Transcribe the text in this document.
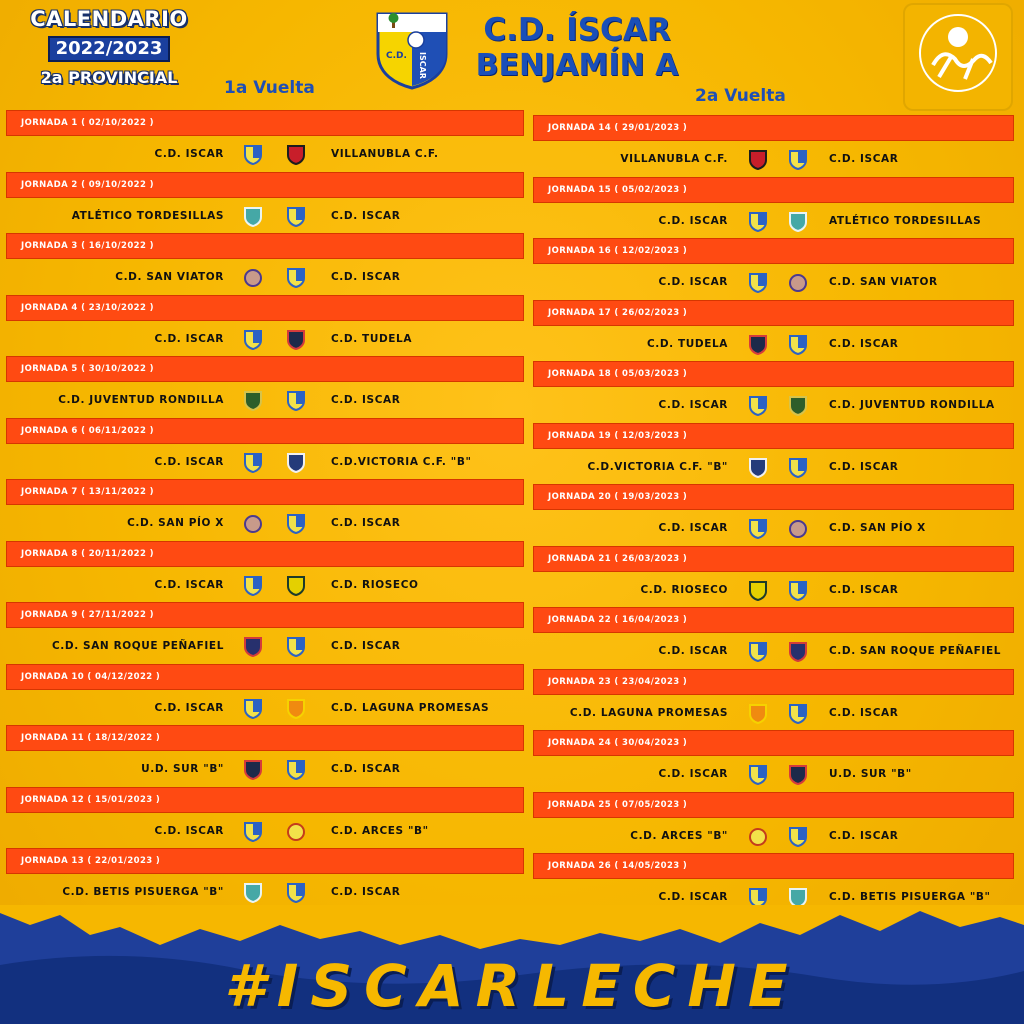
CALENDARIO
2022/2023
2a PROVINCIAL
C.D. ISCAR
C.D. ÍSCAR
BENJAMÍN A
1a Vuelta	2a Vuelta
JORNADA 1 ( 02/10/2022 )
C.D. ISCAR	VILLANUBLA C.F.
JORNADA 2 ( 09/10/2022 )
ATLÉTICO TORDESILLAS	C.D. ISCAR
JORNADA 3 ( 16/10/2022 )
C.D. SAN VIATOR	C.D. ISCAR
JORNADA 4 ( 23/10/2022 )
C.D. ISCAR	C.D. TUDELA
JORNADA 5 ( 30/10/2022 )
C.D. JUVENTUD RONDILLA	C.D. ISCAR
JORNADA 6 ( 06/11/2022 )
C.D. ISCAR	C.D.VICTORIA C.F. "B"
JORNADA 7 ( 13/11/2022 )
C.D. SAN PÍO X	C.D. ISCAR
JORNADA 8 ( 20/11/2022 )
C.D. ISCAR	C.D. RIOSECO
JORNADA 9 ( 27/11/2022 )
C.D. SAN ROQUE PEÑAFIEL	C.D. ISCAR
JORNADA 10 ( 04/12/2022 )
C.D. ISCAR	C.D. LAGUNA PROMESAS
JORNADA 11 ( 18/12/2022 )
U.D. SUR "B"	C.D. ISCAR
JORNADA 12 ( 15/01/2023 )
C.D. ISCAR	C.D. ARCES "B"
JORNADA 13 ( 22/01/2023 )
C.D. BETIS PISUERGA "B"	C.D. ISCAR
JORNADA 14 ( 29/01/2023 )
VILLANUBLA C.F.	C.D. ISCAR
JORNADA 15 ( 05/02/2023 )
C.D. ISCAR	ATLÉTICO TORDESILLAS
JORNADA 16 ( 12/02/2023 )
C.D. ISCAR	C.D. SAN VIATOR
JORNADA 17 ( 26/02/2023 )
C.D. TUDELA	C.D. ISCAR
JORNADA 18 ( 05/03/2023 )
C.D. ISCAR	C.D. JUVENTUD RONDILLA
JORNADA 19 ( 12/03/2023 )
C.D.VICTORIA C.F. "B"	C.D. ISCAR
JORNADA 20 ( 19/03/2023 )
C.D. ISCAR	C.D. SAN PÍO X
JORNADA 21 ( 26/03/2023 )
C.D. RIOSECO	C.D. ISCAR
JORNADA 22 ( 16/04/2023 )
C.D. ISCAR	C.D. SAN ROQUE PEÑAFIEL
JORNADA 23 ( 23/04/2023 )
C.D. LAGUNA PROMESAS	C.D. ISCAR
JORNADA 24 ( 30/04/2023 )
C.D. ISCAR	U.D. SUR "B"
JORNADA 25 ( 07/05/2023 )
C.D. ARCES "B"	C.D. ISCAR
JORNADA 26 ( 14/05/2023 )
C.D. ISCAR	C.D. BETIS PISUERGA "B"
#ISCARLECHE
